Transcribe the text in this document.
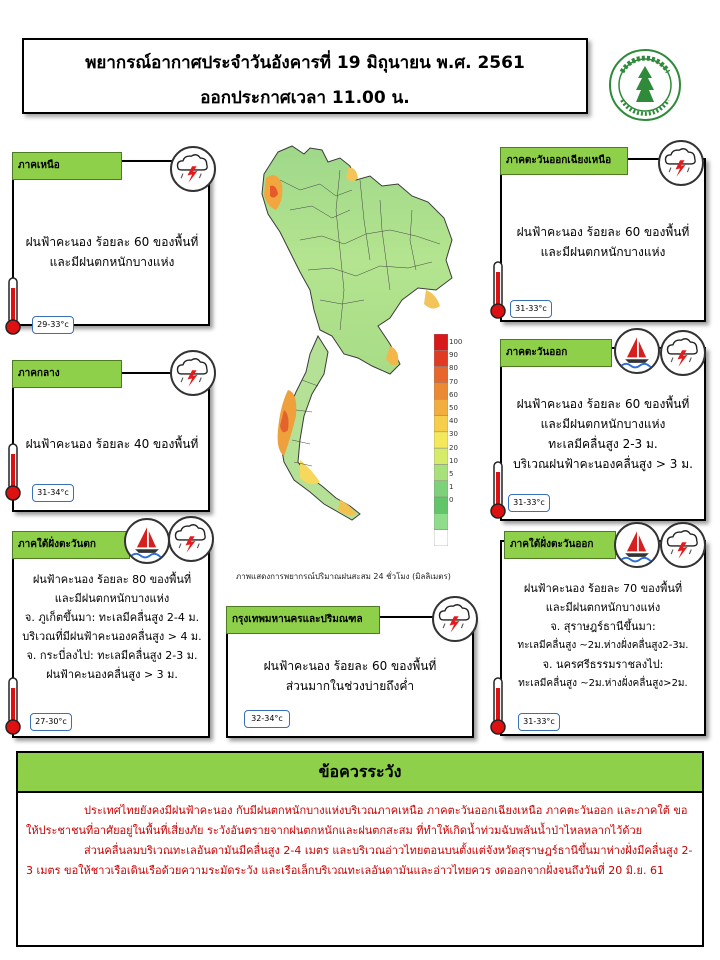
พยากรณ์อากาศประจำวันอังคารที่ 19 มิถุนายน พ.ศ. 2561
ออกประกาศเวลา 11.00 น.
ภาคเหนือ
ฝนฟ้าคะนอง ร้อยละ 60 ของพื้นที่
และมีฝนตกหนักบางแห่ง
ภาคกลาง
ฝนฟ้าคะนอง ร้อยละ 40 ของพื้นที่
ภาคใต้ฝั่งตะวันตก
ฝนฟ้าคะนอง ร้อยละ 80 ของพื้นที่
และมีฝนตกหนักบางแห่ง
จ. ภูเก็ตขึ้นมา: ทะเลมีคลื่นสูง 2-4 ม.
บริเวณที่มีฝนฟ้าคะนองคลื่นสูง > 4 ม.
จ. กระบี่ลงไป: ทะเลมีคลื่นสูง 2-3 ม.
ฝนฟ้าคะนองคลื่นสูง > 3 ม.
ภาคตะวันออกเฉียงเหนือ
ฝนฟ้าคะนอง ร้อยละ 60 ของพื้นที่
และมีฝนตกหนักบางแห่ง
ภาคตะวันออก
ฝนฟ้าคะนอง ร้อยละ 60 ของพื้นที่
และมีฝนตกหนักบางแห่ง
ทะเลมีคลื่นสูง 2-3 ม.
บริเวณฝนฟ้าคะนองคลื่นสูง > 3 ม.
ภาคใต้ฝั่งตะวันออก
ฝนฟ้าคะนอง ร้อยละ 70 ของพื้นที่
และมีฝนตกหนักบางแห่ง
จ. สุราษฎร์ธานีขึ้นมา:
ทะเลมีคลื่นสูง ~2ม.ห่างฝั่งคลื่นสูง2-3ม.
จ. นครศรีธรรมราชลงไป:
ทะเลมีคลื่นสูง ~2ม.ห่างฝั่งคลื่นสูง>2ม.
กรุงเทพมหานครและปริมณฑล
ฝนฟ้าคะนอง ร้อยละ 60 ของพื้นที่
ส่วนมากในช่วงบ่ายถึงค่ำ
29-33°c
31-34°c
27-30°c
31-33°c
31-33°c
31-33°c
32-34°c
100
90
80
70
60
50
40
30
20
10
5
1
0
ภาพแสดงการพยากรณ์ปริมาณฝนสะสม 24 ชั่วโมง (มิลลิเมตร)
ข้อควรระวัง

ประเทศไทยยังคงมีฝนฟ้าคะนอง กับมีฝนตกหนักบางแห่งบริเวณภาคเหนือ ภาคตะวันออกเฉียงเหนือ ภาคตะวันออก และภาคใต้ ขอให้ประชาชนที่อาศัยอยู่ในพื้นที่เสี่ยงภัย ระวังอันตรายจากฝนตกหนักและฝนตกสะสม ที่ทำให้เกิดน้ำท่วมฉับพลันน้ำป่าไหลหลากไว้ด้วย

ส่วนคลื่นลมบริเวณทะเลอันดามันมีคลื่นสูง 2-4 เมตร และบริเวณอ่าวไทยตอนบนตั้งแต่จังหวัดสุราษฎร์ธานีขึ้นมาห่างฝั่งมีคลื่นสูง 2-3 เมตร ขอให้ชาวเรือเดินเรือด้วยความระมัดระวัง และเรือเล็กบริเวณทะเลอันดามันและอ่าวไทยควร งดออกจากฝั่งจนถึงวันที่ 20 มิ.ย. 61
